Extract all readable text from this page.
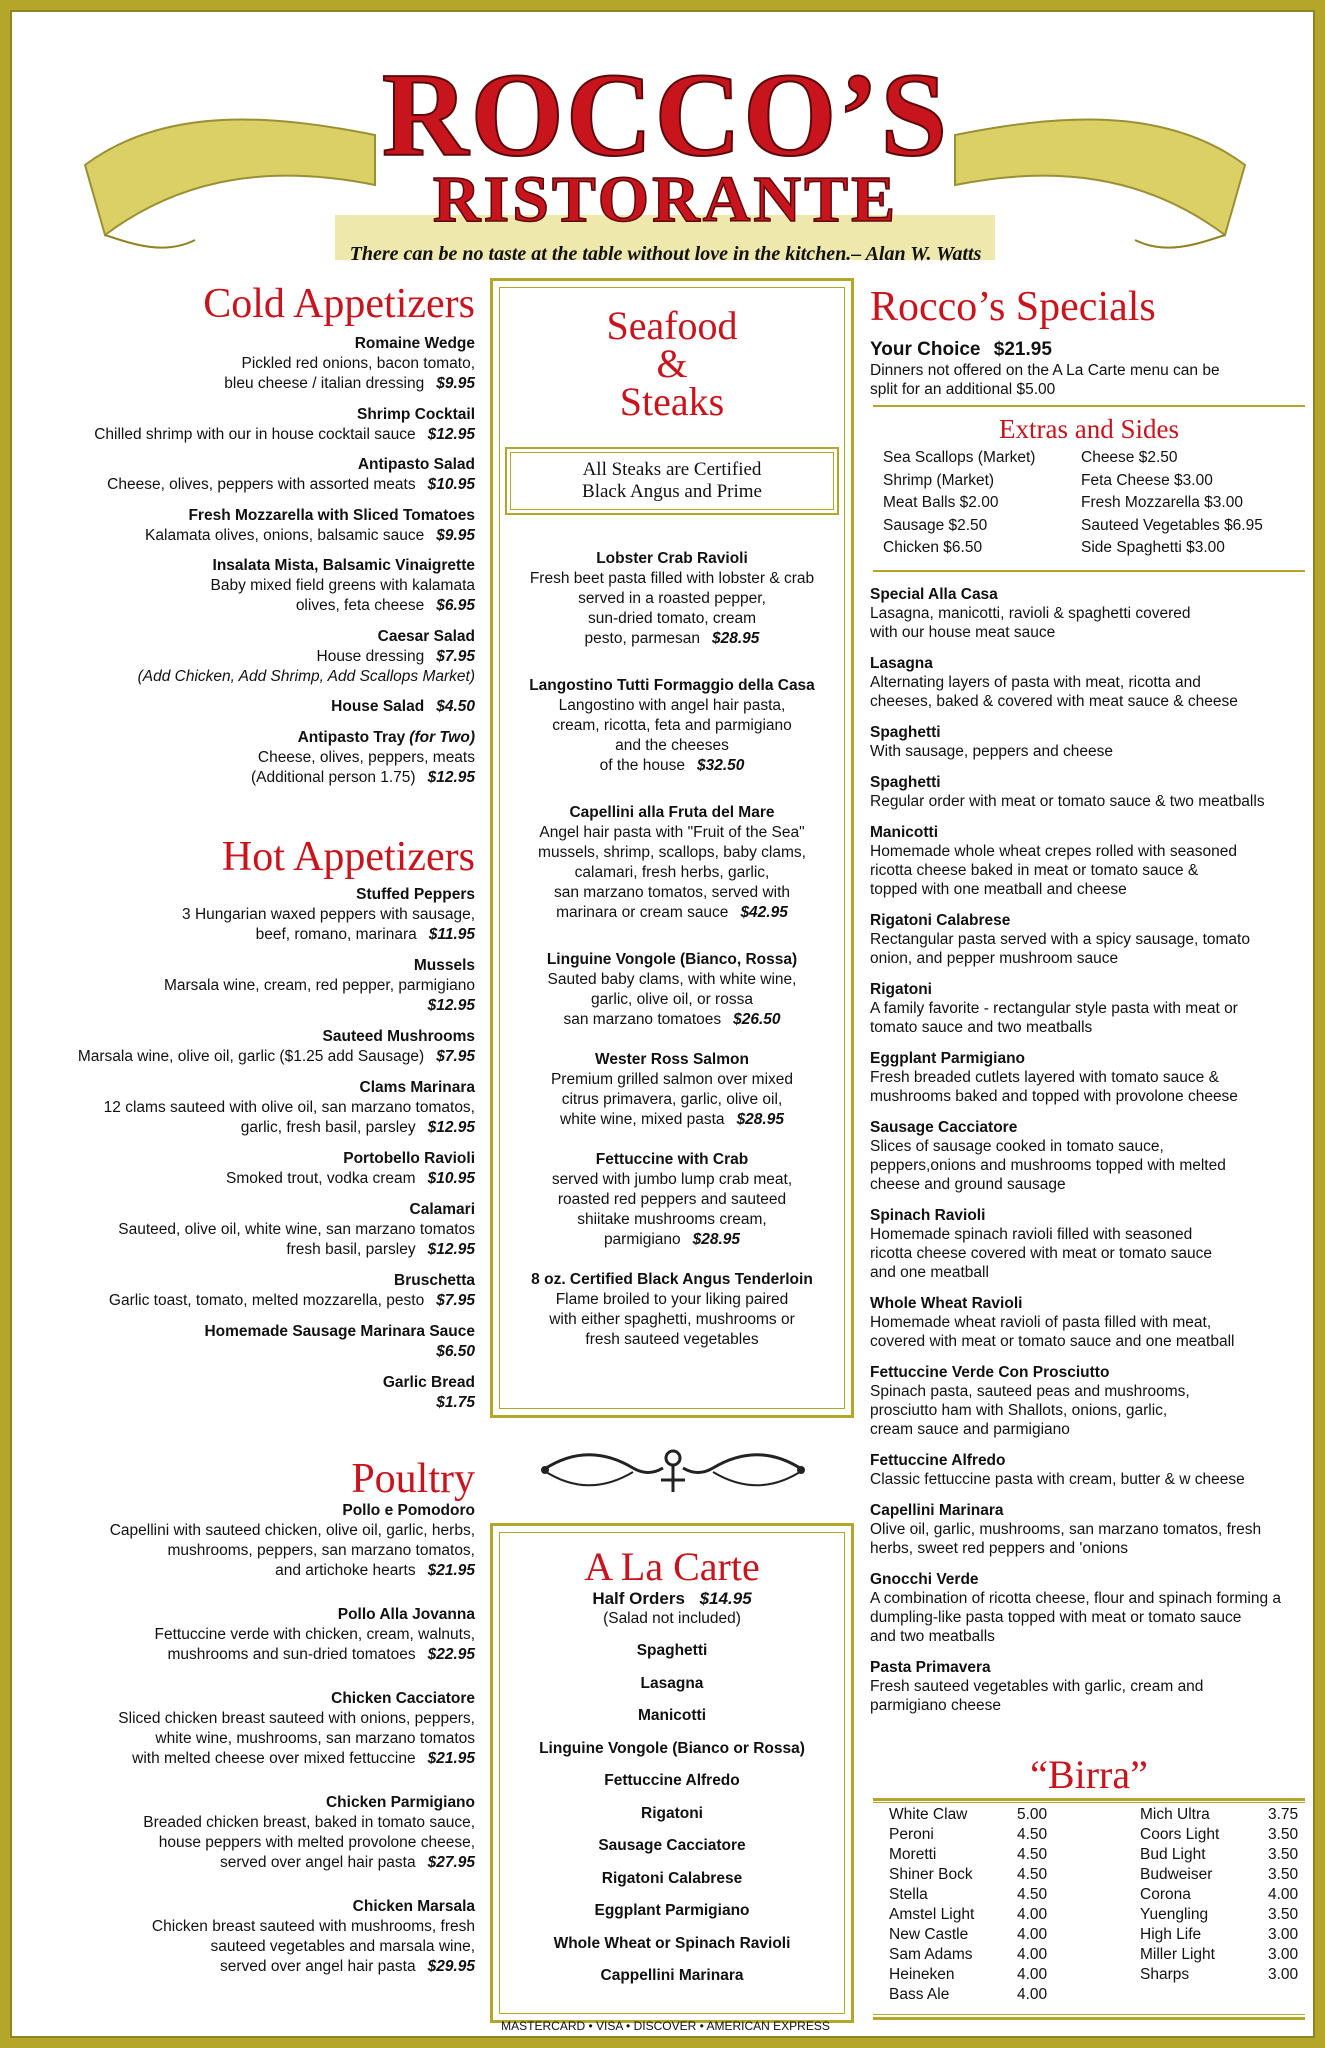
ROCCO’S
RISTORANTE
There can be no taste at the table without love in the kitchen.– Alan W. Watts
Cold Appetizers
Romaine Wedge
Pickled red onions, bacon tomato,
bleu cheese / italian dressing $9.95
Shrimp Cocktail
Chilled shrimp with our in house cocktail sauce $12.95
Antipasto Salad
Cheese, olives, peppers with assorted meats $10.95
Fresh Mozzarella with Sliced Tomatoes
Kalamata olives, onions, balsamic sauce $9.95
Insalata Mista, Balsamic Vinaigrette
Baby mixed field greens with kalamata
olives, feta cheese $6.95
Caesar Salad
House dressing $7.95
(Add Chicken, Add Shrimp, Add Scallops Market)
House Salad $4.50
Antipasto Tray (for Two)
Cheese, olives, peppers, meats
(Additional person 1.75) $12.95
Hot Appetizers
Stuffed Peppers
3 Hungarian waxed peppers with sausage,
beef, romano, marinara $11.95
Mussels
Marsala wine, cream, red pepper, parmigiano
$12.95
Sauteed Mushrooms
Marsala wine, olive oil, garlic ($1.25 add Sausage) $7.95
Clams Marinara
12 clams sauteed with olive oil, san marzano tomatos,
garlic, fresh basil, parsley $12.95
Portobello Ravioli
Smoked trout, vodka cream $10.95
Calamari
Sauteed, olive oil, white wine, san marzano tomatos
fresh basil, parsley $12.95
Bruschetta
Garlic toast, tomato, melted mozzarella, pesto $7.95
Homemade Sausage Marinara Sauce
$6.50
Garlic Bread
$1.75
Poultry
Pollo e Pomodoro
Capellini with sauteed chicken, olive oil, garlic, herbs,
mushrooms, peppers, san marzano tomatos,
and artichoke hearts $21.95
Pollo Alla Jovanna
Fettuccine verde with chicken, cream, walnuts,
mushrooms and sun-dried tomatoes $22.95
Chicken Cacciatore
Sliced chicken breast sauteed with onions, peppers,
white wine, mushrooms, san marzano tomatos
with melted cheese over mixed fettuccine $21.95
Chicken Parmigiano
Breaded chicken breast, baked in tomato sauce,
house peppers with melted provolone cheese,
served over angel hair pasta $27.95
Chicken Marsala
Chicken breast sauteed with mushrooms, fresh
sauteed vegetables and marsala wine,
served over angel hair pasta $29.95
Seafood
&
Steaks
All Steaks are Certified
Black Angus and Prime
Lobster Crab Ravioli
Fresh beet pasta filled with lobster & crab
served in a roasted pepper,
sun-dried tomato, cream
pesto, parmesan $28.95
Langostino Tutti Formaggio della Casa
Langostino with angel hair pasta,
cream, ricotta, feta and parmigiano
and the cheeses
of the house $32.50
Capellini alla Fruta del Mare
Angel hair pasta with "Fruit of the Sea"
mussels, shrimp, scallops, baby clams,
calamari, fresh herbs, garlic,
san marzano tomatos, served with
marinara or cream sauce $42.95
Linguine Vongole (Bianco, Rossa)
Sauted baby clams, with white wine,
garlic, olive oil, or rossa
san marzano tomatoes $26.50
Wester Ross Salmon
Premium grilled salmon over mixed
citrus primavera, garlic, olive oil,
white wine, mixed pasta $28.95
Fettuccine with Crab
served with jumbo lump crab meat,
roasted red peppers and sauteed
shiitake mushrooms cream,
parmigiano $28.95
8 oz. Certified Black Angus Tenderloin
Flame broiled to your liking paired
with either spaghetti, mushrooms or
fresh sauteed vegetables
A La Carte
Half Orders $14.95
(Salad not included)
Spaghetti
Lasagna
Manicotti
Linguine Vongole (Bianco or Rossa)
Fettuccine Alfredo
Rigatoni
Sausage Cacciatore
Rigatoni Calabrese
Eggplant Parmigiano
Whole Wheat or Spinach Ravioli
Cappellini Marinara
Rocco’s Specials
Your Choice $21.95
Dinners not offered on the A La Carte menu can be
split for an additional $5.00
Extras and Sides
Sea Scallops (Market)	Cheese $2.50
Shrimp (Market)	Feta Cheese $3.00
Meat Balls $2.00	Fresh Mozzarella $3.00
Sausage $2.50	Sauteed Vegetables $6.95
Chicken $6.50	Side Spaghetti $3.00
Special Alla Casa
Lasagna, manicotti, ravioli & spaghetti covered
with our house meat sauce
Lasagna
Alternating layers of pasta with meat, ricotta and
cheeses, baked & covered with meat sauce & cheese
Spaghetti
With sausage, peppers and cheese
Spaghetti
Regular order with meat or tomato sauce & two meatballs
Manicotti
Homemade whole wheat crepes rolled with seasoned
ricotta cheese baked in meat or tomato sauce &
topped with one meatball and cheese
Rigatoni Calabrese
Rectangular pasta served with a spicy sausage, tomato
onion, and pepper mushroom sauce
Rigatoni
A family favorite - rectangular style pasta with meat or
tomato sauce and two meatballs
Eggplant Parmigiano
Fresh breaded cutlets layered with tomato sauce &
mushrooms baked and topped with provolone cheese
Sausage Cacciatore
Slices of sausage cooked in tomato sauce,
peppers,onions and mushrooms topped with melted
cheese and ground sausage
Spinach Ravioli
Homemade spinach ravioli filled with seasoned
ricotta cheese covered with meat or tomato sauce
and one meatball
Whole Wheat Ravioli
Homemade wheat ravioli of pasta filled with meat,
covered with meat or tomato sauce and one meatball
Fettuccine Verde Con Prosciutto
Spinach pasta, sauteed peas and mushrooms,
prosciutto ham with Shallots, onions, garlic,
cream sauce and parmigiano
Fettuccine Alfredo
Classic fettuccine pasta with cream, butter & w cheese
Capellini Marinara
Olive oil, garlic, mushrooms, san marzano tomatos, fresh
herbs, sweet red peppers and 'onions
Gnocchi Verde
A combination of ricotta cheese, flour and spinach forming a
dumpling-like pasta topped with meat or tomato sauce
and two meatballs
Pasta Primavera
Fresh sauteed vegetables with garlic, cream and
parmigiano cheese
“Birra”
White Claw	5.00
Peroni	4.50
Moretti	4.50
Shiner Bock	4.50
Stella	4.50
Amstel Light	4.00
New Castle	4.00
Sam Adams	4.00
Heineken	4.00
Bass Ale	4.00
Mich Ultra	3.75
Coors Light	3.50
Bud Light	3.50
Budweiser	3.50
Corona	4.00
Yuengling	3.50
High Life	3.00
Miller Light	3.00
Sharps	3.00
MASTERCARD • VISA • DISCOVER • AMERICAN EXPRESS
